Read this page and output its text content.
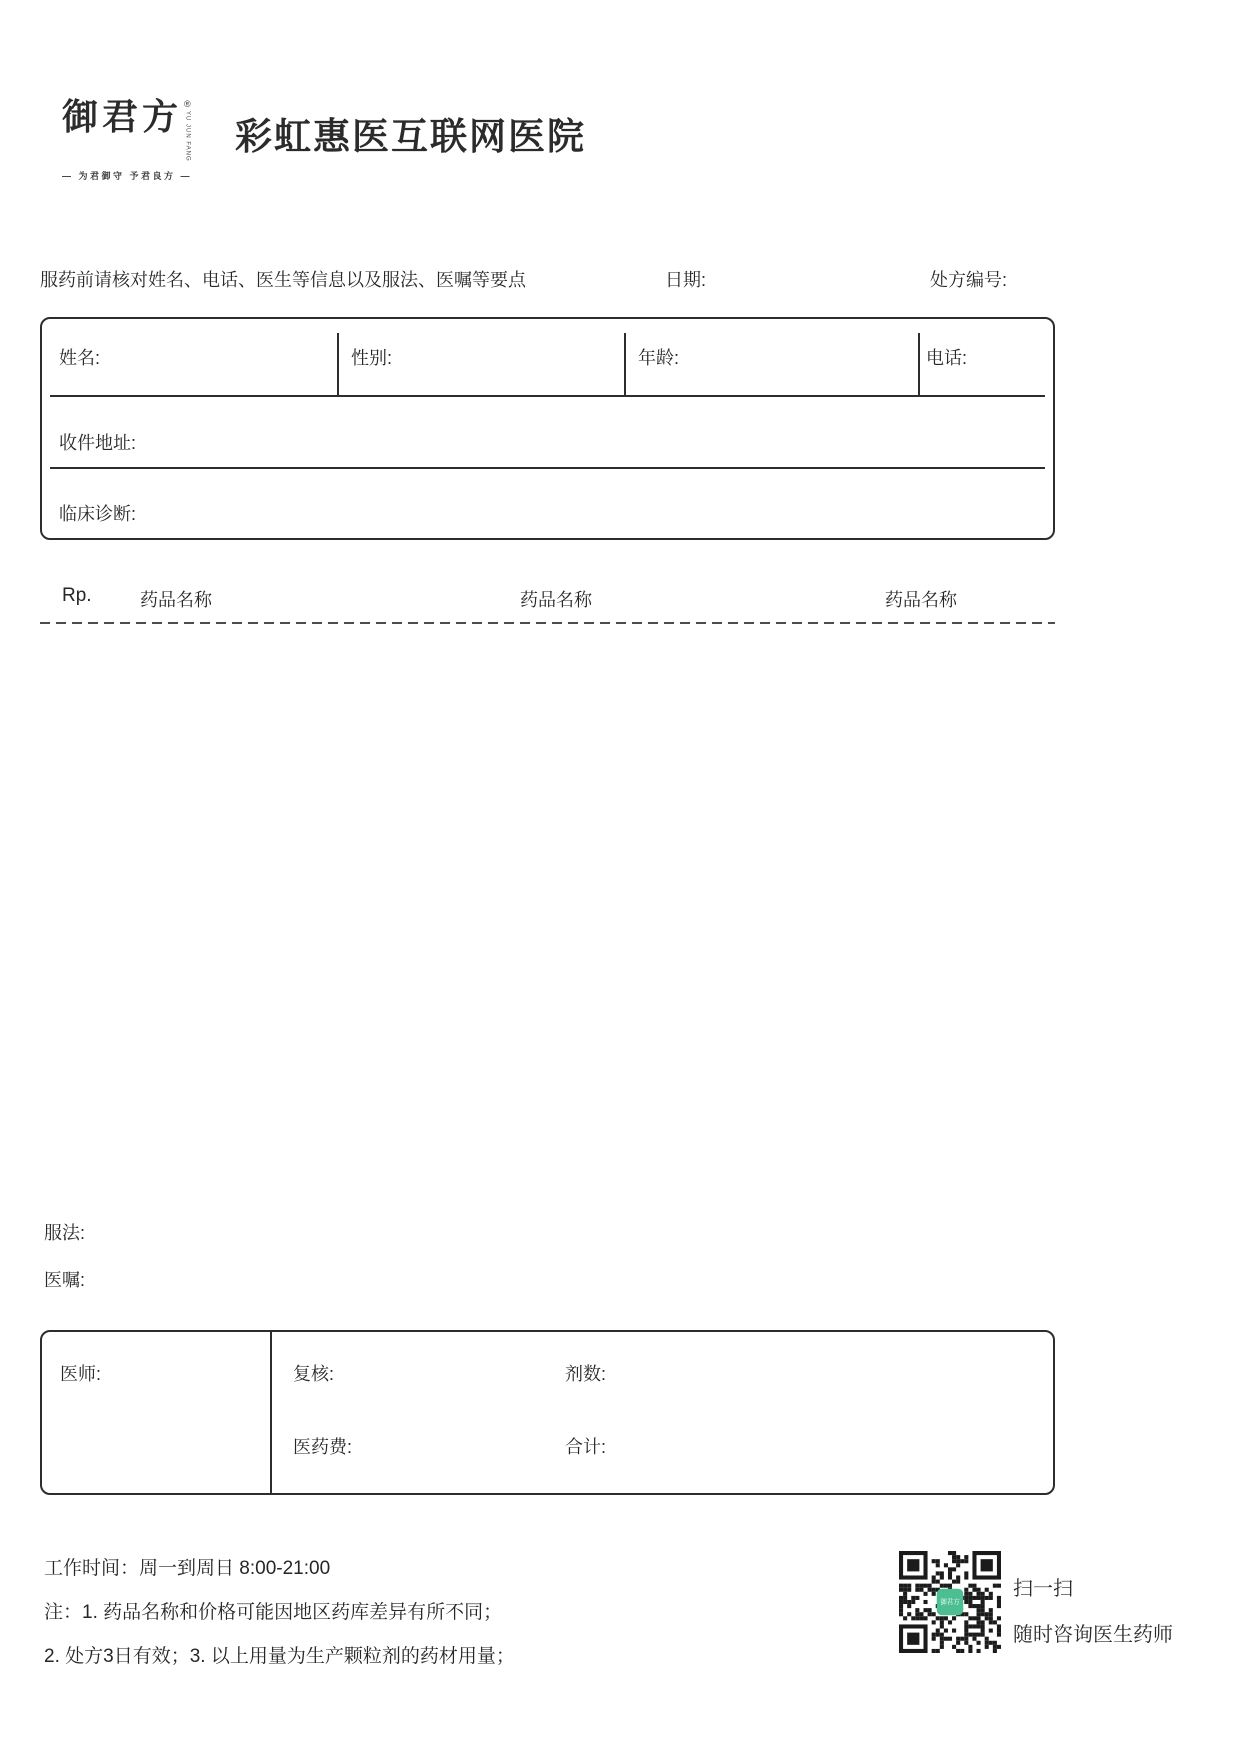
御君方 ®
YU JUN FANG
— 为君御守 予君良方 —
彩虹惠医互联网医院
服药前请核对姓名、电话、医生等信息以及服法、医嘱等要点	日期:	处方编号:
姓名:	性别:	年龄:	电话:
收件地址:
临床诊断:
Rp.	药品名称	药品名称	药品名称
服法:
医嘱:
医师:	复核:	剂数:
医药费:	合计:
工作时间：周一到周日 8:00-21:00
注：1. 药品名称和价格可能因地区药库差异有所不同；
2. 处方3日有效；3. 以上用量为生产颗粒剂的药材用量；
御君方
扫一扫
随时咨询医生药师
